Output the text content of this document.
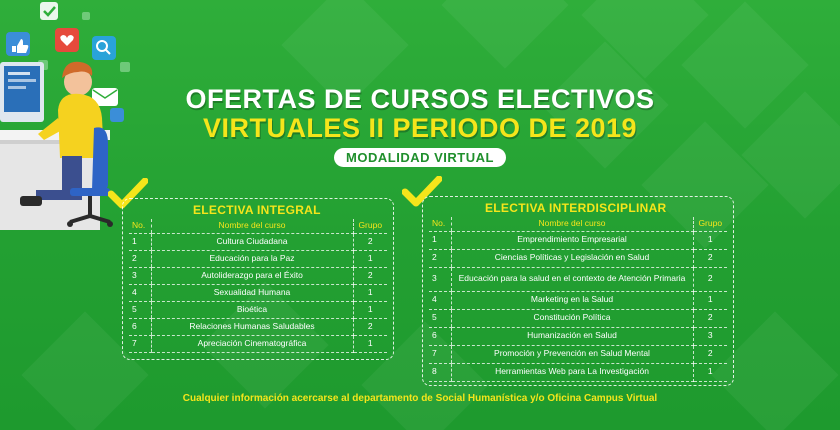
OFERTAS DE CURSOS ELECTIVOS
VIRTUALES II PERIODO DE 2019
MODALIDAD VIRTUAL
ELECTIVA INTEGRAL
No.	Nombre del curso	Grupo
1	Cultura Ciudadana	2
2	Educación para la Paz	1
3	Autoliderazgo para el Éxito	2
4	Sexualidad Humana	1
5	Bioética	1
6	Relaciones Humanas Saludables	2
7	Apreciación Cinematográfica	1
ELECTIVA INTERDISCIPLINAR
No.	Nombre del curso	Grupo
1	Emprendimiento Empresarial	1
2	Ciencias Políticas y Legislación en Salud	2
3	Educación para la salud en el contexto de Atención Primaria	2
4	Marketing en la Salud	1
5	Constitución Política	2
6	Humanización en Salud	3
7	Promoción y Prevención en Salud Mental	2
8	Herramientas Web para La Investigación	1
Cualquier información acercarse al departamento de Social Humanística y/o Oficina Campus Virtual
